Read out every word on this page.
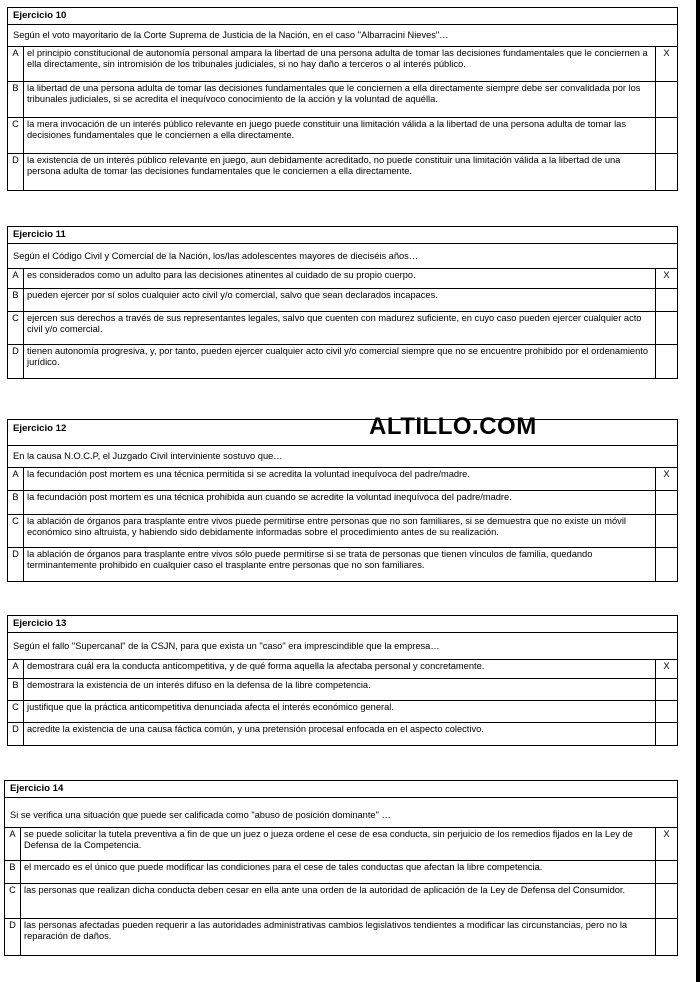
ALTILLO.COM
Ejercicio 10
Según el voto mayoritario de la Corte Suprema de Justicia de la Nación, en el caso "Albarracini Nieves"…
A el principio constitucional de autonomía personal ampara la libertad de una persona adulta de tomar las decisiones fundamentales que le conciernen a ella directamente, sin intromisión de los tribunales judiciales, si no hay daño a terceros o al interés público.
X
B la libertad de una persona adulta de tomar las decisiones fundamentales que le conciernen a ella directamente siempre debe ser convalidada por los tribunales judiciales, si se acredita el inequívoco conocimiento de la acción y la voluntad de aquélla.
C la mera invocación de un interés público relevante en juego puede constituir una limitación válida a la libertad de una persona adulta de tomar las decisiones fundamentales que le conciernen a ella directamente.
D la existencia de un interés público relevante en juego, aun debidamente acreditado, no puede constituir una limitación válida a la libertad de una persona adulta de tomar las decisiones fundamentales que le conciernen a ella directamente.
Ejercicio 11
Según el Código Civil y Comercial de la Nación, los/las adolescentes mayores de dieciséis años…
A es considerados como un adulto para las decisiones atinentes al cuidado de su propio cuerpo.	X
B pueden ejercer por sí solos cualquier acto civil y/o comercial, salvo que sean declarados incapaces.
C ejercen sus derechos a través de sus representantes legales, salvo que cuenten con madurez suficiente, en cuyo caso pueden ejercer cualquier acto civil y/o comercial.
D tienen autonomía progresiva, y, por tanto, pueden ejercer cualquier acto civil y/o comercial siempre que no se encuentre prohibido por el ordenamiento jurídico.
Ejercicio 12
En la causa N.O.C.P, el Juzgado Civil interviniente sostuvo que…
A la fecundación post mortem es una técnica permitida si se acredita la voluntad inequívoca del padre/madre.	X
B la fecundación post mortem es una técnica prohibida aun cuando se acredite la voluntad inequívoca del padre/madre.
C la ablación de órganos para trasplante entre vivos puede permitirse entre personas que no son familiares, si se demuestra que no existe un móvil económico sino altruista, y habiendo sido debidamente informadas sobre el procedimiento antes de su realización.
D la ablación de órganos para trasplante entre vivos sólo puede permitirse si se trata de personas que tienen vínculos de familia, quedando terminantemente prohibido en cualquier caso el trasplante entre personas que no son familiares.
Ejercicio 13
Según el fallo "Supercanal" de la CSJN, para que exista un "caso" era imprescindible que la empresa…
A demostrara cuál era la conducta anticompetitiva, y de qué forma aquella la afectaba personal y concretamente.	X
B demostrara la existencia de un interés difuso en la defensa de la libre competencia.
C justifique que la práctica anticompetitiva denunciada afecta el interés económico general.
D acredite la existencia de una causa fáctica común, y una pretensión procesal enfocada en el aspecto colectivo.
Ejercicio 14
Si se verifica una situación que puede ser calificada como "abuso de posición dominante" …
A se puede solicitar la tutela preventiva a fin de que un juez o jueza ordene el cese de esa conducta, sin perjuicio de los remedios fijados en la Ley de Defensa de la Competencia.
X
B el mercado es el único que puede modificar las condiciones para el cese de tales conductas que afectan la libre competencia.
C las personas que realizan dicha conducta deben cesar en ella ante una orden de la autoridad de aplicación de la Ley de Defensa del Consumidor.
D las personas afectadas pueden requerir a las autoridades administrativas cambios legislativos tendientes a modificar las circunstancias, pero no la reparación de daños.
